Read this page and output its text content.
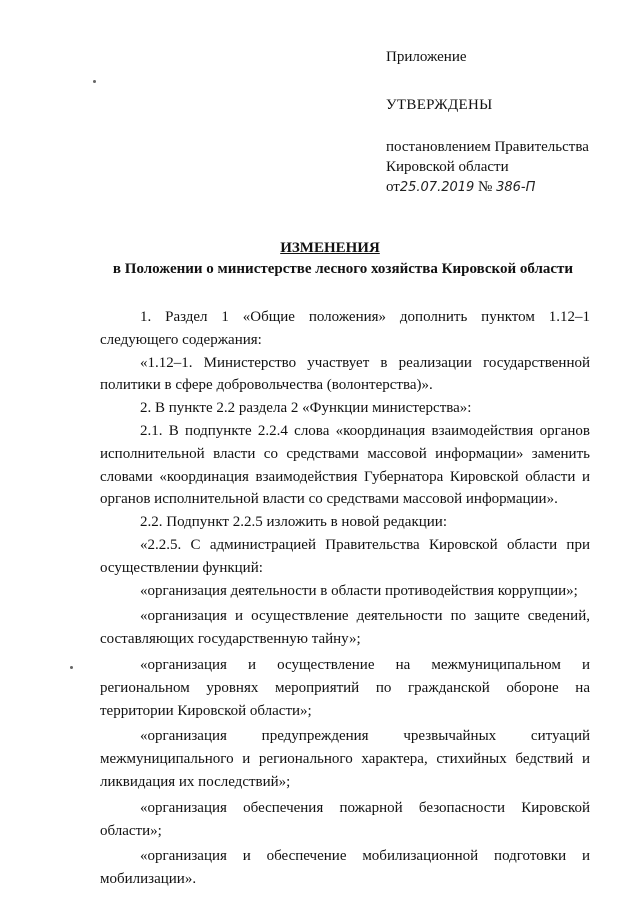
Приложение

УТВЕРЖДЕНЫ

постановлением Правительства

Кировской области

от25.07.2019 № 386-П

ИЗМЕНЕНИЯ
в Положении о министерстве лесного хозяйства Кировской области

1. Раздел 1 «Общие положения» дополнить пунктом 1.12–1 следующего содержания:

«1.12–1. Министерство участвует в реализации государственной политики в сфере добровольчества (волонтерства)».

2. В пункте 2.2 раздела 2 «Функции министерства»:

2.1. В подпункте 2.2.4 слова «координация взаимодействия органов исполнительной власти со средствами массовой информации» заменить словами «координация взаимодействия Губернатора Кировской области и органов исполнительной власти со средствами массовой информации».

2.2. Подпункт 2.2.5 изложить в новой редакции:

«2.2.5. С администрацией Правительства Кировской области при осуществлении функций:

«организация деятельности в области противодействия коррупции»;

«организация и осуществление деятельности по защите сведений, составляющих государственную тайну»;

«организация и осуществление на межмуниципальном и региональном уровнях мероприятий по гражданской обороне на территории Кировской области»;

«организация предупреждения чрезвычайных ситуаций межмуниципального и регионального характера, стихийных бедствий и ликвидация их последствий»;

«организация обеспечения пожарной безопасности Кировской области»;

«организация и обеспечение мобилизационной подготовки и мобилизации».
